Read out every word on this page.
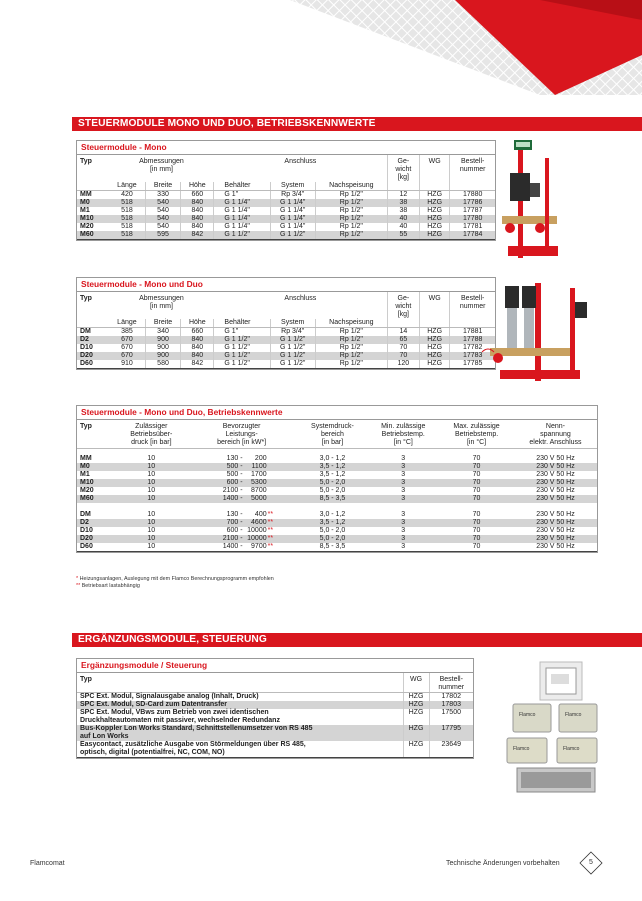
STEUERMODULE MONO UND DUO, BETRIEBSKENNWERTE
Steuermodule - Mono
Typ	Abmessungen			Anschluss			Ge-	WG	Bestell-
	[in mm]						wicht		nummer
							[kg]		
	Länge	Breite	Höhe	Behälter	System	Nachspeisung			
MM	420	330	660	G 1"	Rp 3/4"	Rp 1/2"	12	HZG	17880
M0	518	540	840	G 1 1/4"	G 1 1/4"	Rp 1/2"	38	HZG	17786
M1	518	540	840	G 1 1/4"	G 1 1/4"	Rp 1/2"	38	HZG	17787
M10	518	540	840	G 1 1/4"	G 1 1/4"	Rp 1/2"	40	HZG	17780
M20	518	540	840	G 1 1/4"	G 1 1/4"	Rp 1/2"	40	HZG	17781
M60	518	595	842	G 1 1/2"	G 1 1/2"	Rp 1/2"	55	HZG	17784
Steuermodule - Mono und Duo
Typ	Abmessungen			Anschluss			Ge-	WG	Bestell-
	[in mm]						wicht		nummer
							[kg]		
	Länge	Breite	Höhe	Behälter	System	Nachspeisung			
DM	385	340	660	G 1"	Rp 3/4"	Rp 1/2"	14	HZG	17881
D2	670	900	840	G 1 1/2"	G 1 1/2"	Rp 1/2"	65	HZG	17788
D10	670	900	840	G 1 1/2"	G 1 1/2"	Rp 1/2"	70	HZG	17782
D20	670	900	840	G 1 1/2"	G 1 1/2"	Rp 1/2"	70	HZG	17783
D60	910	580	842	G 1 1/2"	G 1 1/2"	Rp 1/2"	120	HZG	17785
Steuermodule - Mono und Duo, Betriebskennwerte
Typ	Zulässiger	Bevorzugter			Systemdruck-	Min. zulässige	Max. zulässige	Nenn-
	Betriebsüber-	Leistungs-			bereich	Betriebstemp.	Betriebstemp.	spannung
	druck [in bar]	bereich [in kW*]			[in bar]	[in °C]	[in °C]	elektr. Anschluss

MM	10	130 -	200		3,0 - 1,2	3	70	230 V 50 Hz
M0	10	500 -	1100		3,5 - 1,2	3	70	230 V 50 Hz
M1	10	500 -	1700		3,5 - 1,2	3	70	230 V 50 Hz
M10	10	600 -	5300		5,0 - 2,0	3	70	230 V 50 Hz
M20	10	2100 -	8700		5,0 - 2,0	3	70	230 V 50 Hz
M60	10	1400 -	5000		8,5 - 3,5	3	70	230 V 50 Hz

DM	10	130 -	400	**	3,0 - 1,2	3	70	230 V 50 Hz
D2	10	700 -	4600	**	3,5 - 1,2	3	70	230 V 50 Hz
D10	10	600 -	10000	**	5,0 - 2,0	3	70	230 V 50 Hz
D20	10	2100 -	10000	**	5,0 - 2,0	3	70	230 V 50 Hz
D60	10	1400 -	9700	**	8,5 - 3,5	3	70	230 V 50 Hz
* Heizungsanlagen, Auslegung mit dem Flamco Berechnungsprogramm empfohlen
** Betriebsart lastabhängig
ERGÄNZUNGSMODULE, STEUERUNG
Ergänzungsmodule / Steuerung
Typ	WG	Bestell-
		nummer

SPC Ext. Modul, Signalausgabe analog (Inhalt, Druck)	HZG	17802

SPC Ext. Modul, SD-Card zum Datentransfer	HZG	17803

SPC Ext. Modul, VBws zum Betrieb von zwei identischen
Druckhalteautomaten mit passiver, wechselnder Redundanz	HZG	17500

Bus-Koppler Lon Works Standard, Schnittstellenumsetzer von RS 485
auf Lon Works	HZG	17795

Easycontact, zusätzliche Ausgabe von Störmeldungen über RS 485,
optisch, digital (potentialfrei, NC, COM, NO)	HZG	23649
Flamco	Flamco
Flamco	Flamco
Flamcomat	Technische Änderungen vorbehalten	5
